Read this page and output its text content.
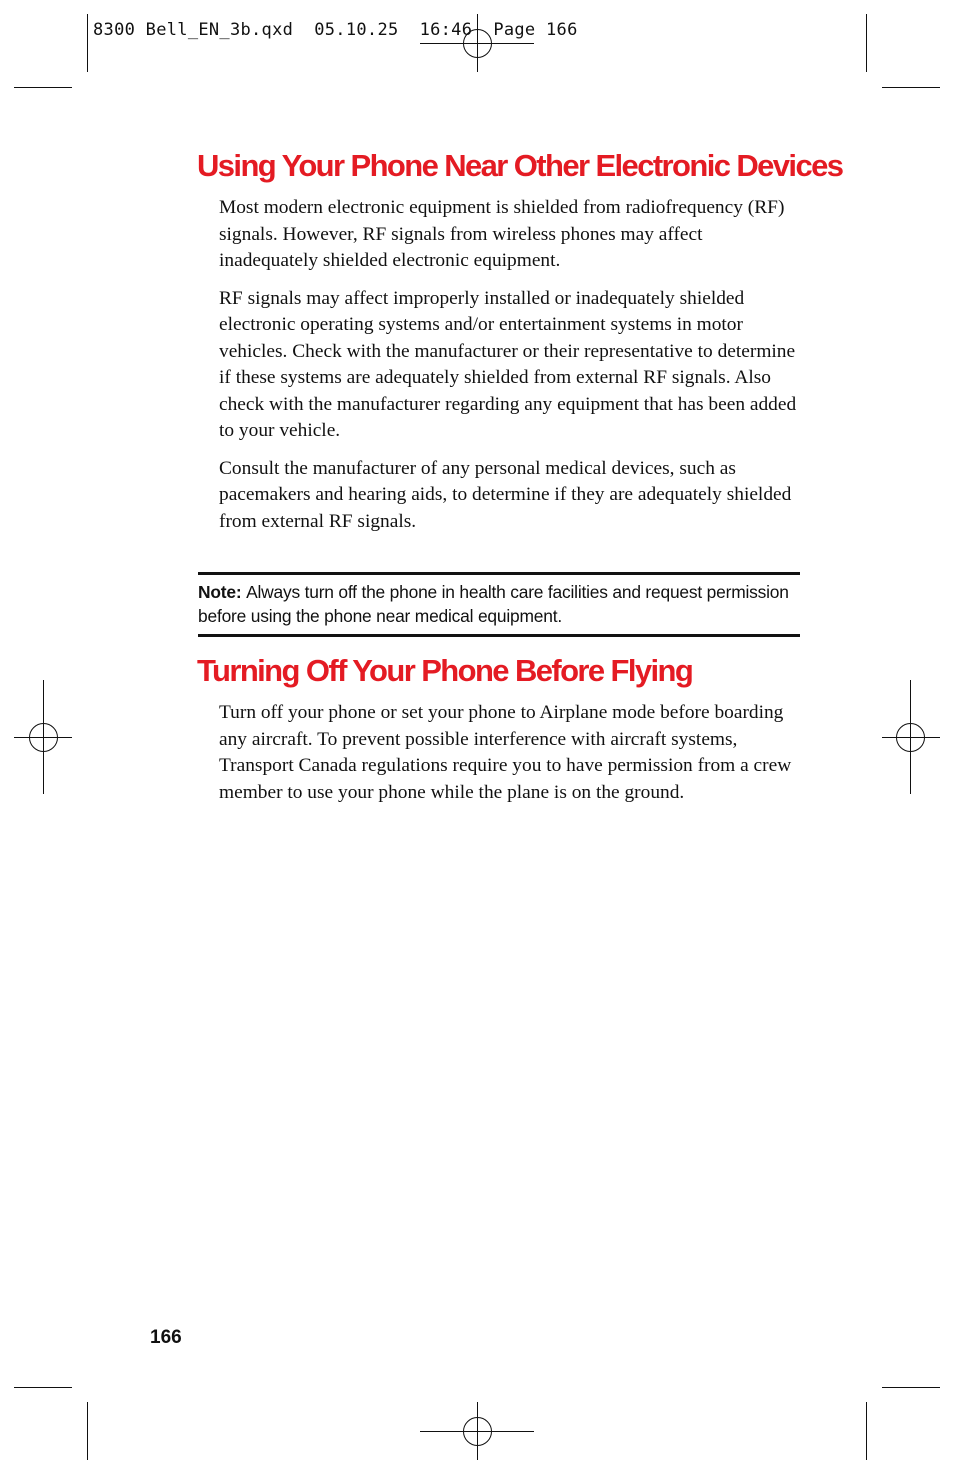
8300 Bell_EN_3b.qxd  05.10.25  16:46  Page 166
Using Your Phone Near Other Electronic Devices

Most modern electronic equipment is shielded from radiofrequency (RF) signals. However, RF signals from wireless phones may affect inadequately shielded electronic equipment.

RF signals may affect improperly installed or inadequately shielded electronic operating systems and/or entertainment systems in motor vehicles. Check with the manufacturer or their representative to determine if these systems are adequately shielded from external RF signals. Also check with the manufacturer regarding any equipment that has been added to your vehicle.

Consult the manufacturer of any personal medical devices, such as pacemakers and hearing aids, to determine if they are adequately shielded from external RF signals.

Note: Always turn off the phone in health care facilities and request permission before using the phone near medical equipment.
Turning Off Your Phone Before Flying

Turn off your phone or set your phone to Airplane mode before boarding any aircraft. To prevent possible interference with aircraft systems, Transport Canada regulations require you to have permission from a crew member to use your phone while the plane is on the ground.

166
